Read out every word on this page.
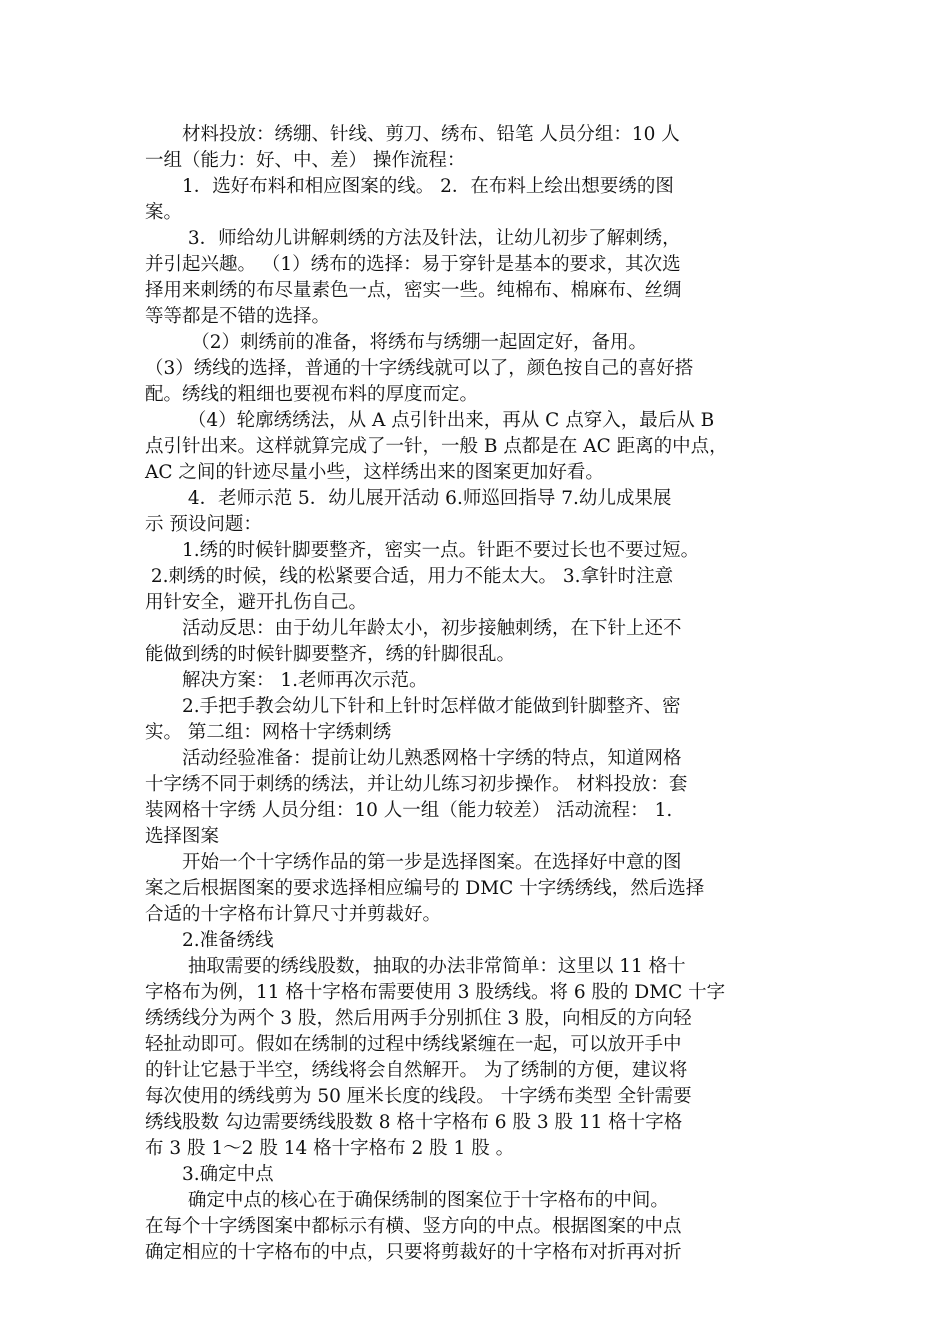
　　材料投放：绣绷、针线、剪刀、绣布、铅笔 人员分组：10 人
一组（能力：好、中、差） 操作流程：
　　1．选好布料和相应图案的线。 2．在布料上绘出想要绣的图
案。
　　 3．师给幼儿讲解刺绣的方法及针法，让幼儿初步了解刺绣，
并引起兴趣。 （1）绣布的选择：易于穿针是基本的要求，其次选
择用来刺绣的布尽量素色一点，密实一些。纯棉布、棉麻布、丝绸
等等都是不错的选择。
　　　（2）刺绣前的准备，将绣布与绣绷一起固定好，备用。
（3）绣线的选择，普通的十字绣线就可以了，颜色按自己的喜好搭
配。绣线的粗细也要视布料的厚度而定。
　　 （4）轮廓绣绣法，从 A 点引针出来，再从 C 点穿入，最后从 B
点引针出来。这样就算完成了一针，一般 B 点都是在 AC 距离的中点，
AC 之间的针迹尽量小些，这样绣出来的图案更加好看。
　　 4．老师示范 5．幼儿展开活动 6.师巡回指导 7.幼儿成果展
示 预设问题：
　　1.绣的时候针脚要整齐，密实一点。针距不要过长也不要过短。
2.刺绣的时候，线的松紧要合适，用力不能太大。 3.拿针时注意
用针安全，避开扎伤自己。
　　活动反思：由于幼儿年龄太小，初步接触刺绣，在下针上还不
能做到绣的时候针脚要整齐，绣的针脚很乱。
　　解决方案： 1.老师再次示范。
　　2.手把手教会幼儿下针和上针时怎样做才能做到针脚整齐、密
实。 第二组：网格十字绣刺绣
　　活动经验准备：提前让幼儿熟悉网格十字绣的特点，知道网格
十字绣不同于刺绣的绣法，并让幼儿练习初步操作。 材料投放：套
装网格十字绣 人员分组：10 人一组（能力较差） 活动流程： 1.
选择图案
　　开始一个十字绣作品的第一步是选择图案。在选择好中意的图
案之后根据图案的要求选择相应编号的 DMC 十字绣绣线，然后选择
合适的十字格布计算尺寸并剪裁好。
　　2.准备绣线
　　 抽取需要的绣线股数，抽取的办法非常简单：这里以 11 格十
字格布为例，11 格十字格布需要使用 3 股绣线。将 6 股的 DMC 十字
绣绣线分为两个 3 股，然后用两手分别抓住 3 股，向相反的方向轻
轻扯动即可。假如在绣制的过程中绣线紧缠在一起，可以放开手中
的针让它悬于半空，绣线将会自然解开。 为了绣制的方便，建议将
每次使用的绣线剪为 50 厘米长度的线段。 十字绣布类型 全针需要
绣线股数 勾边需要绣线股数 8 格十字格布 6 股 3 股 11 格十字格
布 3 股 1～2 股 14 格十字格布 2 股 1 股 。
　　3.确定中点
　　 确定中点的核心在于确保绣制的图案位于十字格布的中间。
在每个十字绣图案中都标示有横、竖方向的中点。根据图案的中点
确定相应的十字格布的中点，只要将剪裁好的十字格布对折再对折
